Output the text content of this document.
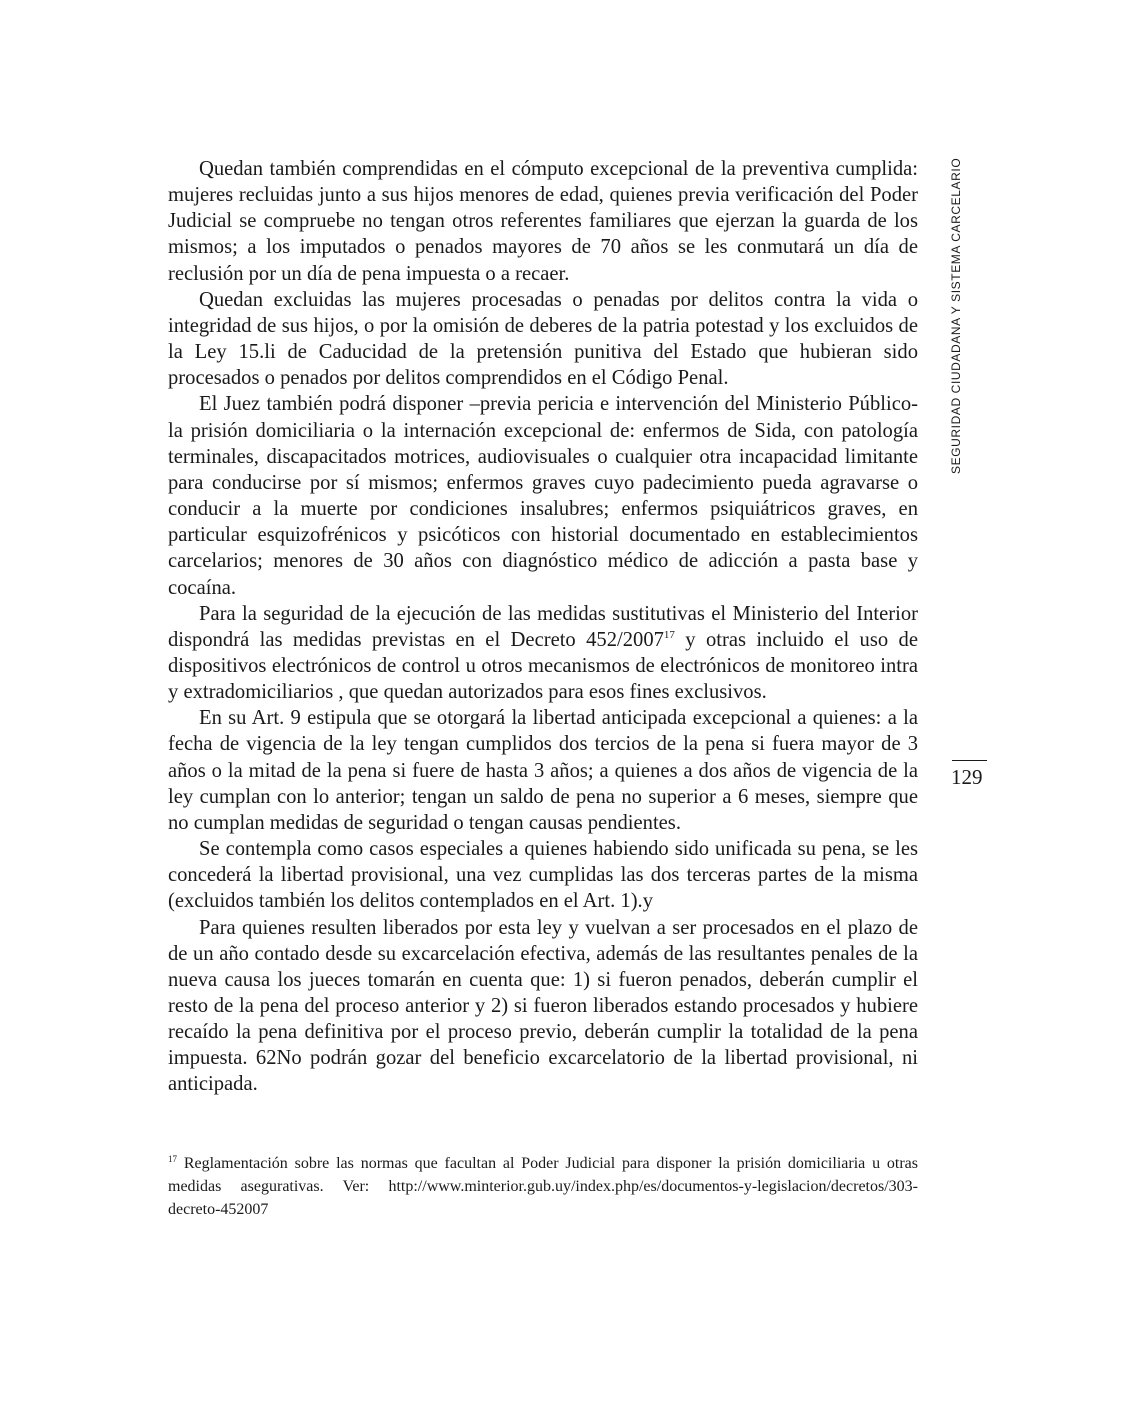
Quedan también comprendidas en el cómputo excepcional de la preventiva cumplida: mujeres recluidas junto a sus hijos menores de edad, quienes previa verificación del Poder Judicial se compruebe no tengan otros referentes familiares que ejerzan la guarda de los mismos; a los imputados o penados mayores de 70 años se les conmutará un día de reclusión por un día de pena impuesta o a recaer.

Quedan excluidas las mujeres procesadas o penadas por delitos contra la vida o integridad de sus hijos, o por la omisión de deberes de la patria potestad y los excluidos de la Ley 15.li de Caducidad de la pretensión punitiva del Estado que hubieran sido procesados o penados por delitos comprendidos en el Código Penal.

El Juez también podrá disponer –previa pericia e intervención del Ministerio Público- la prisión domiciliaria o la internación excepcional de: enfermos de Sida, con patología terminales, discapacitados motrices, audiovisuales o cualquier otra incapacidad limitante para conducirse por sí mismos; enfermos graves cuyo padecimiento pueda agravarse o conducir a la muerte por condiciones insalubres; enfermos psiquiátricos graves, en particular esquizofrénicos y psicóticos con historial documentado en establecimientos carcelarios; menores de 30 años con diagnóstico médico de adicción a pasta base y cocaína.

Para la seguridad de la ejecución de las medidas sustitutivas el Ministerio del Interior dispondrá las medidas previstas en el Decreto 452/2007$^{17}$ y otras incluido el uso de dispositivos electrónicos de control u otros mecanismos de electrónicos de monitoreo intra y extradomiciliarios , que quedan autorizados para esos fines exclusivos.

En su Art. 9 estipula que se otorgará la libertad anticipada excepcional a quienes: a la fecha de vigencia de la ley tengan cumplidos dos tercios de la pena si fuera mayor de 3 años o la mitad de la pena si fuere de hasta 3 años; a quienes a dos años de vigencia de la ley cumplan con lo anterior; tengan un saldo de pena no superior a 6 meses, siempre que no cumplan medidas de seguridad o tengan causas pendientes.

Se contempla como casos especiales a quienes habiendo sido unificada su pena, se les concederá la libertad provisional, una vez cumplidas las dos terceras partes de la misma (excluidos también los delitos contemplados en el Art. 1).y

Para quienes resulten liberados por esta ley y vuelvan a ser procesados en el plazo de de un año contado desde su excarcelación efectiva, además de las resultantes penales de la nueva causa los jueces tomarán en cuenta que: 1) si fueron penados, deberán cumplir el resto de la pena del proceso anterior y 2) si fueron liberados estando procesados y hubiere recaído la pena definitiva por el proceso previo, deberán cumplir la totalidad de la pena impuesta. 62No podrán gozar del beneficio excarcelatorio de la libertad provisional, ni anticipada.

$^{17}$ Reglamentación sobre las normas que facultan al Poder Judicial para disponer la prisión domiciliaria u otras medidas asegurativas. Ver: http://www.minterior.gub.uy/index.php/es/documentos-y-legislacion/decretos/303-decreto-452007
SEGURIDAD CIUDADANA Y SISTEMA CARCELARIO
129
